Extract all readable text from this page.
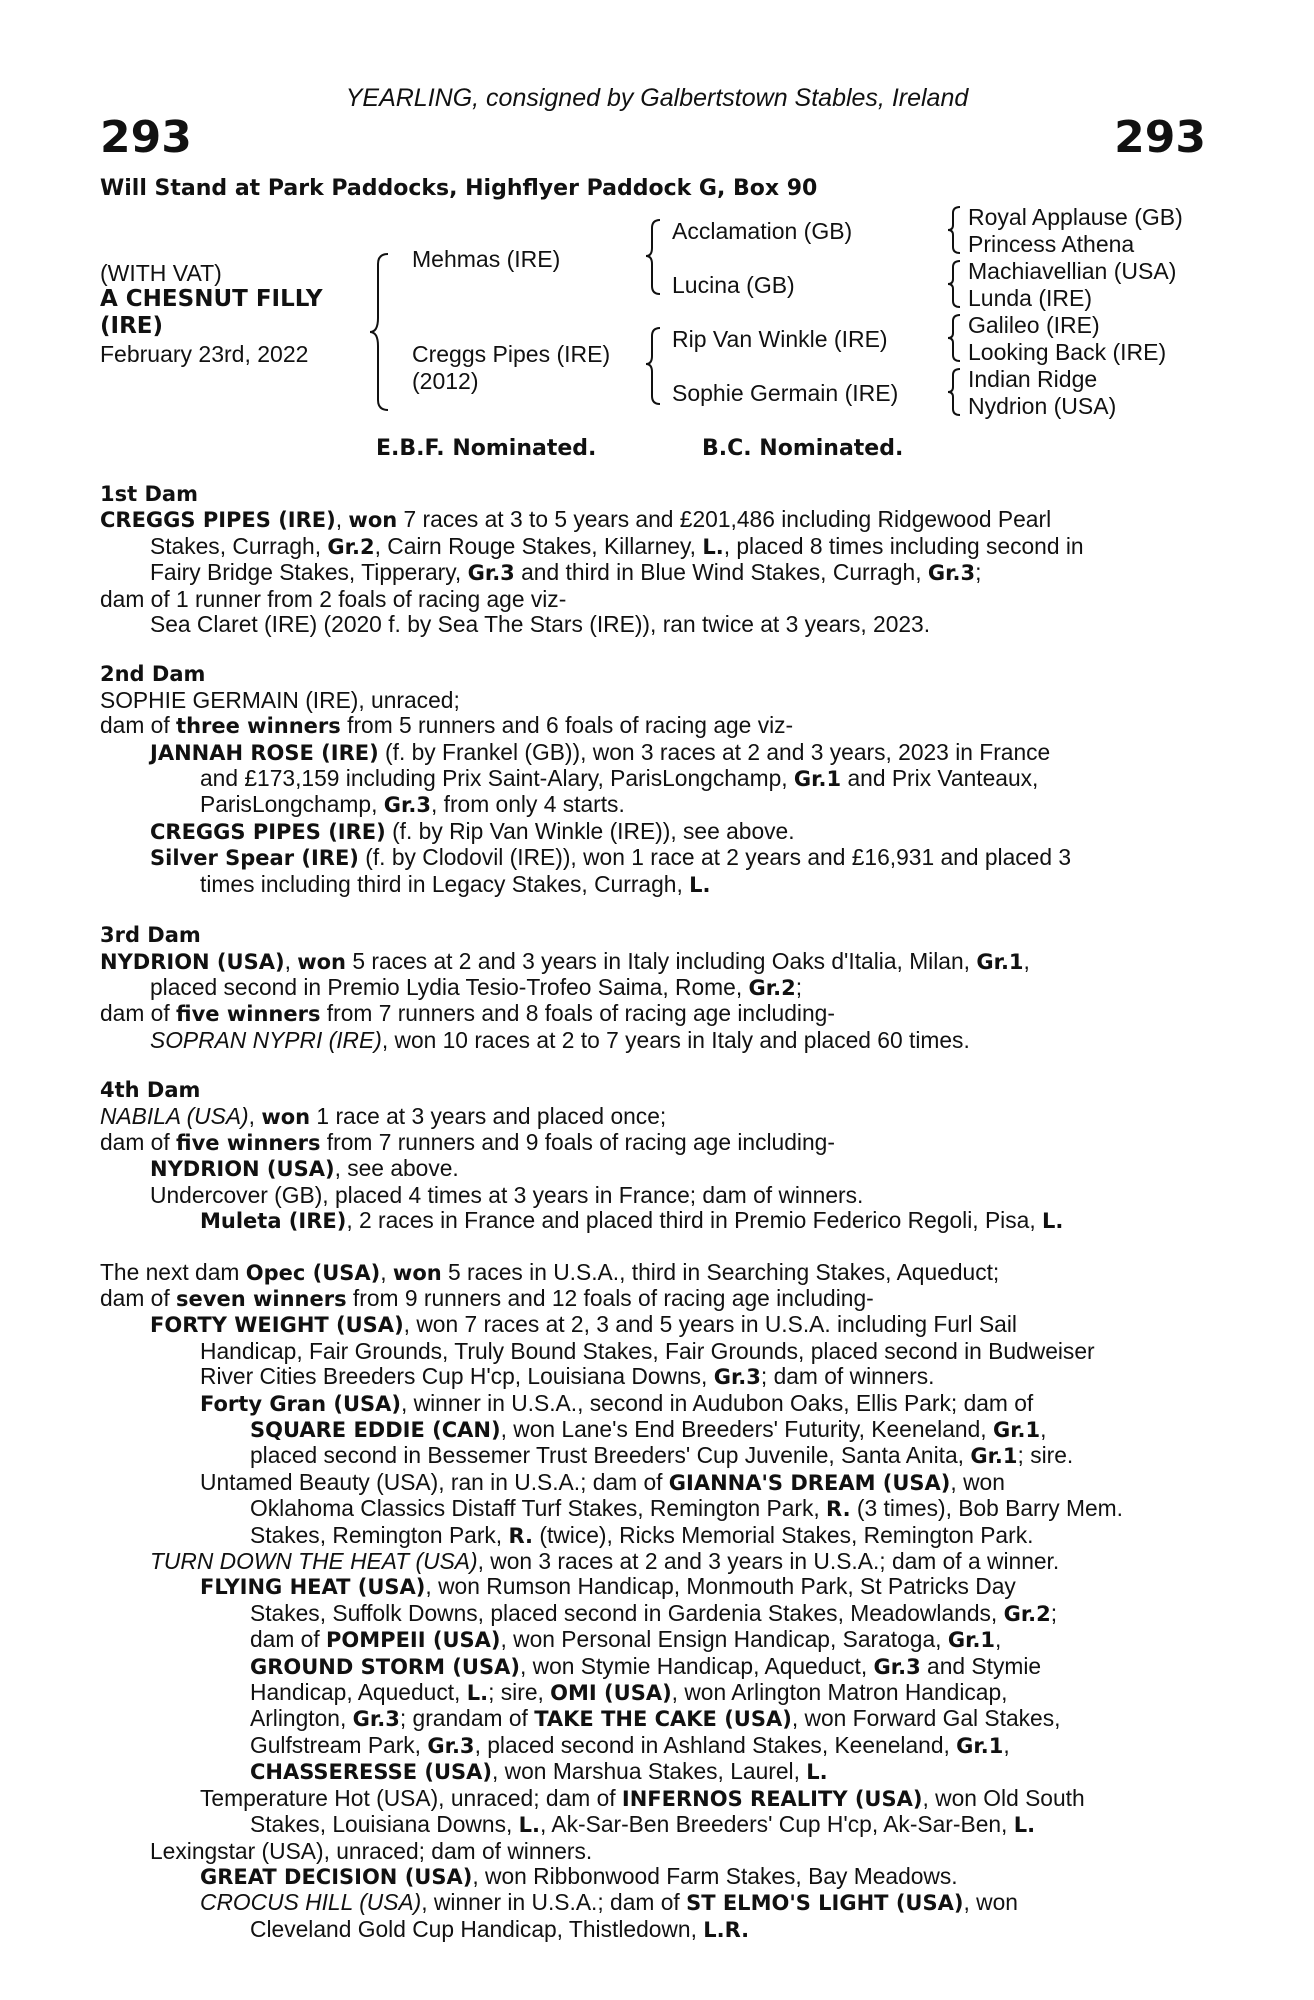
YEARLING, consigned by Galbertstown Stables, Ireland
293	293
Will Stand at Park Paddocks, Highflyer Paddock G, Box 90
(WITH VAT)
A CHESNUT FILLY
(IRE)
February 23rd, 2022
Mehmas (IRE)
Creggs Pipes (IRE)
(2012)
Acclamation (GB)
Lucina (GB)
Rip Van Winkle (IRE)
Sophie Germain (IRE)
Royal Applause (GB)
Princess Athena
Machiavellian (USA)
Lunda (IRE)
Galileo (IRE)
Looking Back (IRE)
Indian Ridge
Nydrion (USA)
E.B.F. Nominated.	B.C. Nominated.
1st Dam
CREGGS PIPES (IRE), won 7 races at 3 to 5 years and £201,486 including Ridgewood Pearl
Stakes, Curragh, Gr.2, Cairn Rouge Stakes, Killarney, L., placed 8 times including second in
Fairy Bridge Stakes, Tipperary, Gr.3 and third in Blue Wind Stakes, Curragh, Gr.3;
dam of 1 runner from 2 foals of racing age viz-
Sea Claret (IRE) (2020 f. by Sea The Stars (IRE)), ran twice at 3 years, 2023.
2nd Dam
SOPHIE GERMAIN (IRE), unraced;
dam of three winners from 5 runners and 6 foals of racing age viz-
JANNAH ROSE (IRE) (f. by Frankel (GB)), won 3 races at 2 and 3 years, 2023 in France
and £173,159 including Prix Saint-Alary, ParisLongchamp, Gr.1 and Prix Vanteaux,
ParisLongchamp, Gr.3, from only 4 starts.
CREGGS PIPES (IRE) (f. by Rip Van Winkle (IRE)), see above.
Silver Spear (IRE) (f. by Clodovil (IRE)), won 1 race at 2 years and £16,931 and placed 3
times including third in Legacy Stakes, Curragh, L.
3rd Dam
NYDRION (USA), won 5 races at 2 and 3 years in Italy including Oaks d'Italia, Milan, Gr.1,
placed second in Premio Lydia Tesio-Trofeo Saima, Rome, Gr.2;
dam of five winners from 7 runners and 8 foals of racing age including-
SOPRAN NYPRI (IRE), won 10 races at 2 to 7 years in Italy and placed 60 times.
4th Dam
NABILA (USA), won 1 race at 3 years and placed once;
dam of five winners from 7 runners and 9 foals of racing age including-
NYDRION (USA), see above.
Undercover (GB), placed 4 times at 3 years in France; dam of winners.
Muleta (IRE), 2 races in France and placed third in Premio Federico Regoli, Pisa, L.
The next dam Opec (USA), won 5 races in U.S.A., third in Searching Stakes, Aqueduct;
dam of seven winners from 9 runners and 12 foals of racing age including-
FORTY WEIGHT (USA), won 7 races at 2, 3 and 5 years in U.S.A. including Furl Sail
Handicap, Fair Grounds, Truly Bound Stakes, Fair Grounds, placed second in Budweiser
River Cities Breeders Cup H'cp, Louisiana Downs, Gr.3; dam of winners.
Forty Gran (USA), winner in U.S.A., second in Audubon Oaks, Ellis Park; dam of
SQUARE EDDIE (CAN), won Lane's End Breeders' Futurity, Keeneland, Gr.1,
placed second in Bessemer Trust Breeders' Cup Juvenile, Santa Anita, Gr.1; sire.
Untamed Beauty (USA), ran in U.S.A.; dam of GIANNA'S DREAM (USA), won
Oklahoma Classics Distaff Turf Stakes, Remington Park, R. (3 times), Bob Barry Mem.
Stakes, Remington Park, R. (twice), Ricks Memorial Stakes, Remington Park.
TURN DOWN THE HEAT (USA), won 3 races at 2 and 3 years in U.S.A.; dam of a winner.
FLYING HEAT (USA), won Rumson Handicap, Monmouth Park, St Patricks Day
Stakes, Suffolk Downs, placed second in Gardenia Stakes, Meadowlands, Gr.2;
dam of POMPEII (USA), won Personal Ensign Handicap, Saratoga, Gr.1,
GROUND STORM (USA), won Stymie Handicap, Aqueduct, Gr.3 and Stymie
Handicap, Aqueduct, L.; sire, OMI (USA), won Arlington Matron Handicap,
Arlington, Gr.3; grandam of TAKE THE CAKE (USA), won Forward Gal Stakes,
Gulfstream Park, Gr.3, placed second in Ashland Stakes, Keeneland, Gr.1,
CHASSERESSE (USA), won Marshua Stakes, Laurel, L.
Temperature Hot (USA), unraced; dam of INFERNOS REALITY (USA), won Old South
Stakes, Louisiana Downs, L., Ak-Sar-Ben Breeders' Cup H'cp, Ak-Sar-Ben, L.
Lexingstar (USA), unraced; dam of winners.
GREAT DECISION (USA), won Ribbonwood Farm Stakes, Bay Meadows.
CROCUS HILL (USA), winner in U.S.A.; dam of ST ELMO'S LIGHT (USA), won
Cleveland Gold Cup Handicap, Thistledown, L.R.
